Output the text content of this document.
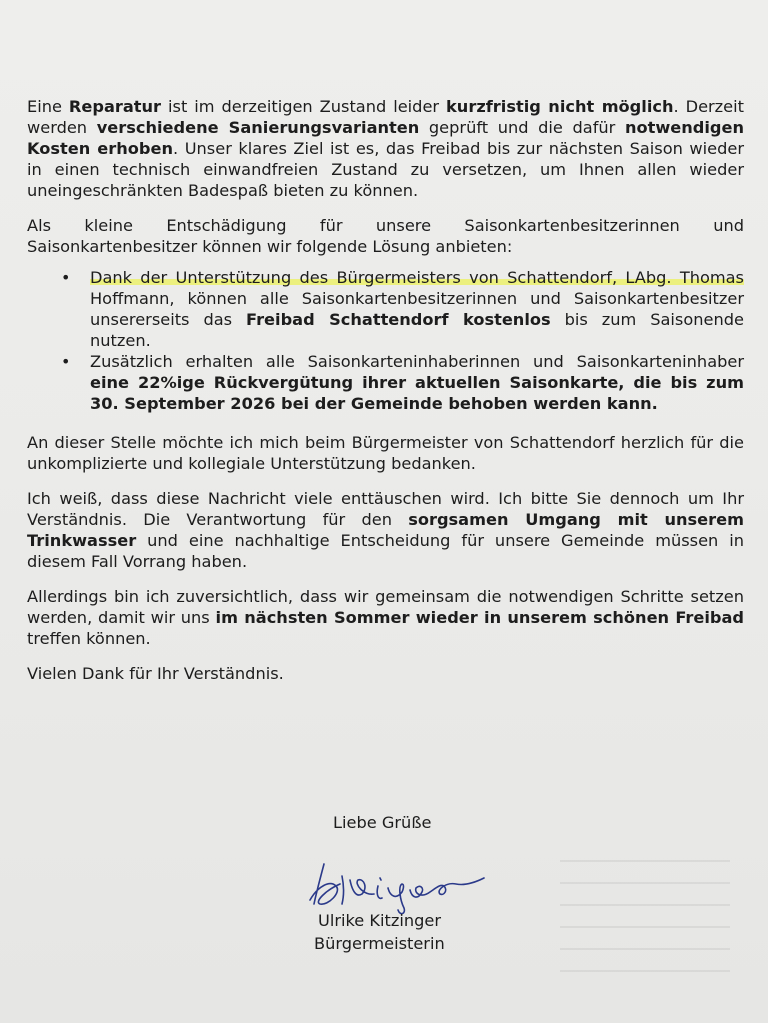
Eine Reparatur ist im derzeitigen Zustand leider kurzfristig nicht möglich. Derzeit werden verschiedene Sanierungsvarianten geprüft und die dafür notwendigen Kosten erhoben. Unser klares Ziel ist es, das Freibad bis zur nächsten Saison wieder in einen technisch einwandfreien Zustand zu versetzen, um Ihnen allen wieder uneingeschränkten Badespaß bieten zu können.

Als kleine Entschädigung für unsere Saisonkartenbesitzerinnen und Saisonkartenbesitzer können wir folgende Lösung anbieten:

• Dank der Unterstützung des Bürgermeisters von Schattendorf, LAbg. Thomas Hoffmann, können alle Saisonkartenbesitzerinnen und Saisonkartenbesitzer unsererseits das Freibad Schattendorf kostenlos bis zum Saisonende nutzen.
• Zusätzlich erhalten alle Saisonkarteninhaberinnen und Saisonkarteninhaber eine 22%ige Rückvergütung ihrer aktuellen Saisonkarte, die bis zum 30. September 2026 bei der Gemeinde behoben werden kann.

An dieser Stelle möchte ich mich beim Bürgermeister von Schattendorf herzlich für die unkomplizierte und kollegiale Unterstützung bedanken.

Ich weiß, dass diese Nachricht viele enttäuschen wird. Ich bitte Sie dennoch um Ihr Verständnis. Die Verantwortung für den sorgsamen Umgang mit unserem Trinkwasser und eine nachhaltige Entscheidung für unsere Gemeinde müssen in diesem Fall Vorrang haben.

Allerdings bin ich zuversichtlich, dass wir gemeinsam die notwendigen Schritte setzen werden, damit wir uns im nächsten Sommer wieder in unserem schönen Freibad treffen können.

Vielen Dank für Ihr Verständnis.

Liebe Grüße
Ulrike Kitzinger
Bürgermeisterin
